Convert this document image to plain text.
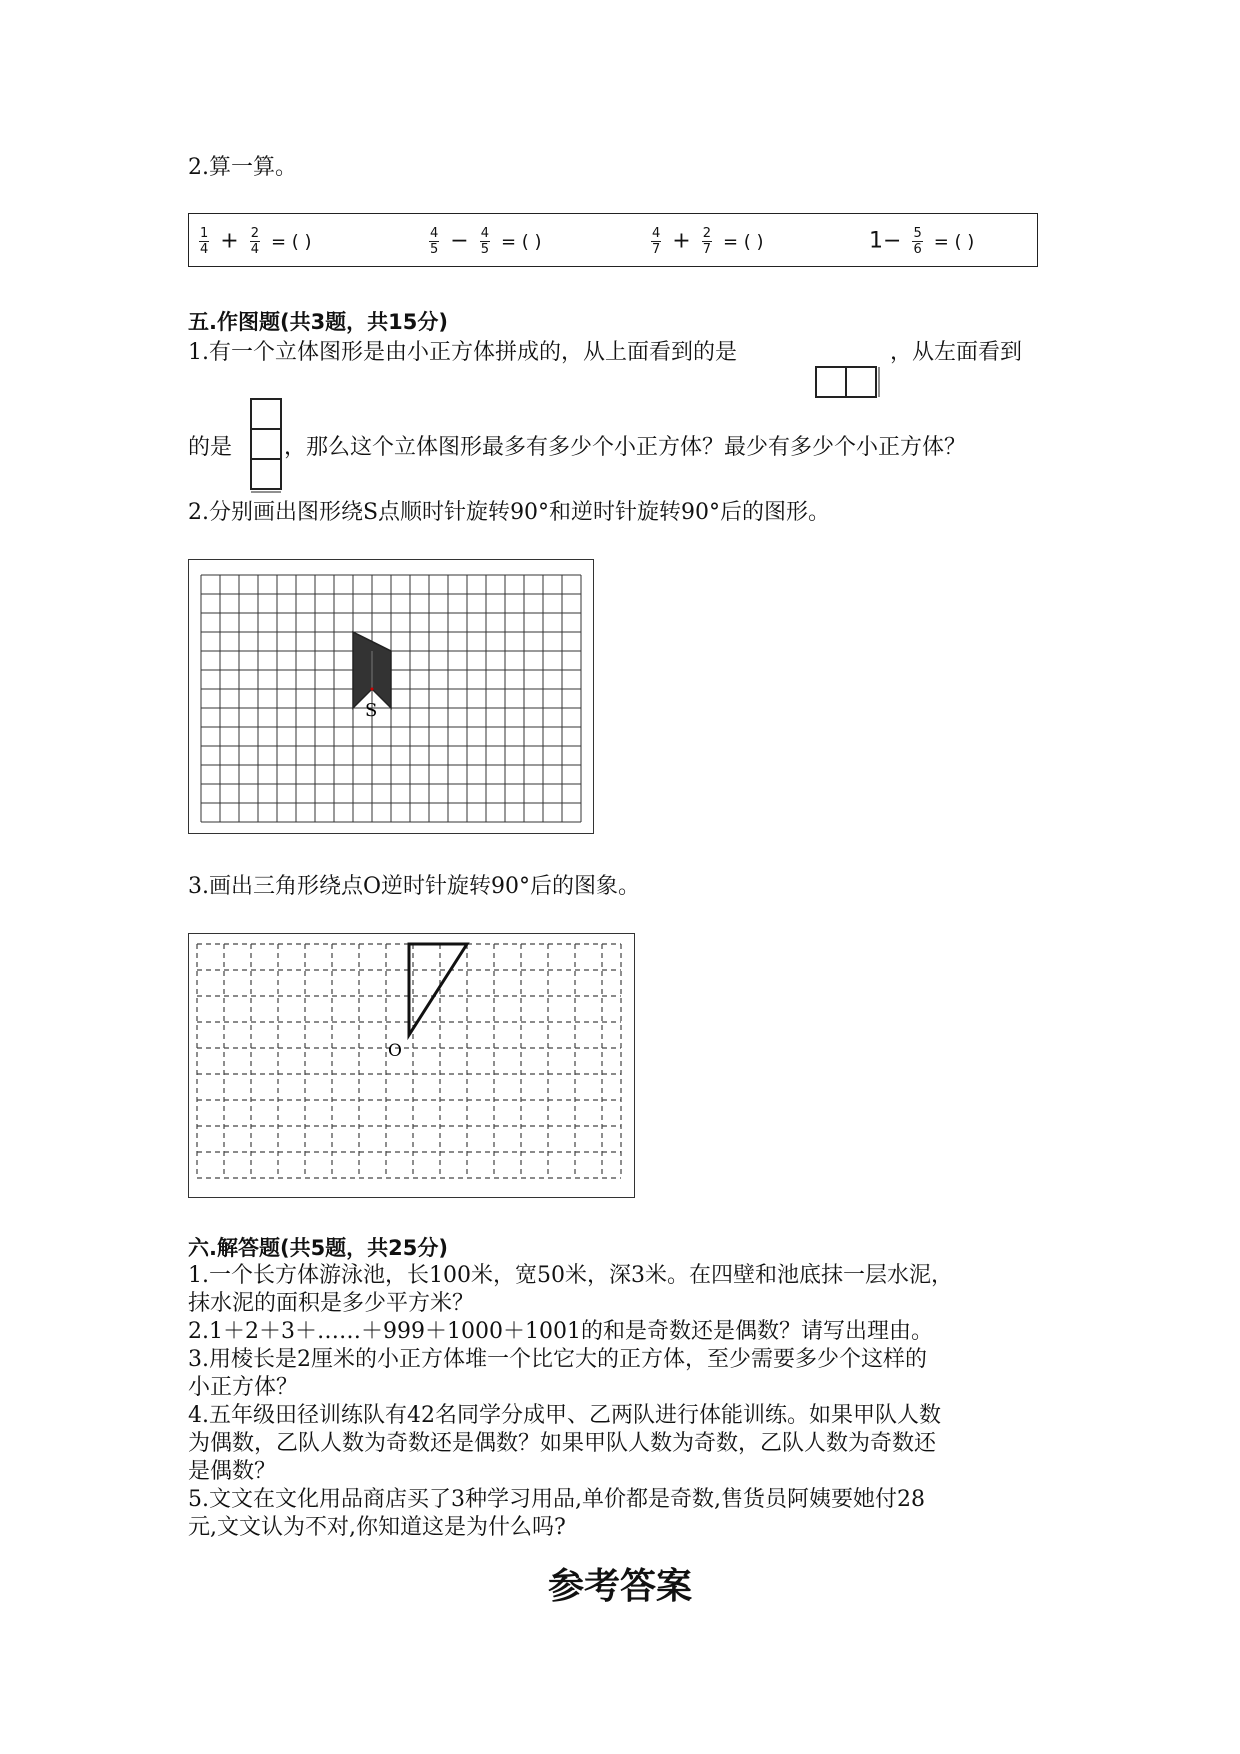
2.算一算。
$\frac{1}{4} + \frac{2}{4}$ = ( )	$\frac{4}{5} - \frac{4}{5}$ = ( )	$\frac{4}{7} + \frac{2}{7}$ = ( )	$1- \frac{5}{6}$ = ( )
五.作图题(共3题，共15分)
1.有一个立体图形是由小正方体拼成的，从上面看到的是	，从左面看到
的是 ，那么这个立体图形最多有多少个小正方体？最少有多少个小正方体？
2.分别画出图形绕S点顺时针旋转90°和逆时针旋转90°后的图形。
S
3.画出三角形绕点O逆时针旋转90°后的图象。
O
六.解答题(共5题，共25分)
1.一个长方体游泳池，长100米，宽50米，深3米。在四壁和池底抹一层水泥，
抹水泥的面积是多少平方米？
2.1＋2＋3＋……＋999＋1000＋1001的和是奇数还是偶数？请写出理由。
3.用棱长是2厘米的小正方体堆一个比它大的正方体，至少需要多少个这样的
小正方体？
4.五年级田径训练队有42名同学分成甲、乙两队进行体能训练。如果甲队人数
为偶数，乙队人数为奇数还是偶数？如果甲队人数为奇数，乙队人数为奇数还
是偶数？
5.文文在文化用品商店买了3种学习用品,单价都是奇数,售货员阿姨要她付28
元,文文认为不对,你知道这是为什么吗?
参考答案
